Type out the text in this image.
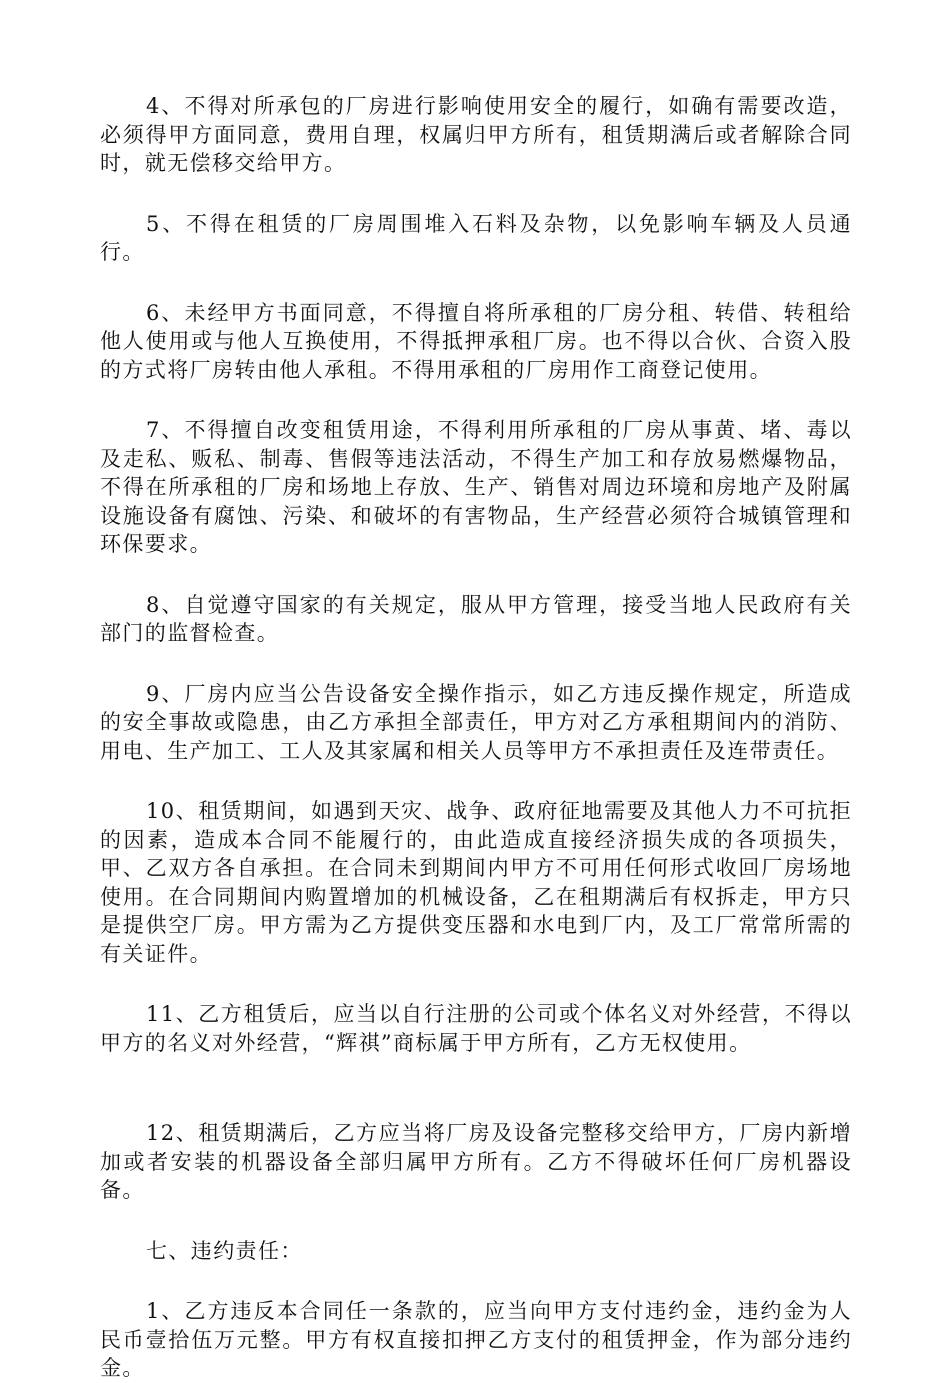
4、不得对所承包的厂房进行影响使用安全的履行，如确有需要改造，必须得甲方面同意，费用自理，权属归甲方所有，租赁期满后或者解除合同时，就无偿移交给甲方。

5、不得在租赁的厂房周围堆入石料及杂物，以免影响车辆及人员通行。

6、未经甲方书面同意，不得擅自将所承租的厂房分租、转借、转租给他人使用或与他人互换使用，不得抵押承租厂房。也不得以合伙、合资入股的方式将厂房转由他人承租。不得用承租的厂房用作工商登记使用。

7、不得擅自改变租赁用途，不得利用所承租的厂房从事黄、堵、毒以及走私、贩私、制毒、售假等违法活动，不得生产加工和存放易燃爆物品，不得在所承租的厂房和场地上存放、生产、销售对周边环境和房地产及附属设施设备有腐蚀、污染、和破坏的有害物品，生产经营必须符合城镇管理和环保要求。

8、自觉遵守国家的有关规定，服从甲方管理，接受当地人民政府有关部门的监督检查。

9、厂房内应当公告设备安全操作指示，如乙方违反操作规定，所造成的安全事故或隐患，由乙方承担全部责任，甲方对乙方承租期间内的消防、用电、生产加工、工人及其家属和相关人员等甲方不承担责任及连带责任。

10、租赁期间，如遇到天灾、战争、政府征地需要及其他人力不可抗拒的因素，造成本合同不能履行的，由此造成直接经济损失成的各项损失，甲、乙双方各自承担。在合同未到期间内甲方不可用任何形式收回厂房场地使用。在合同期间内购置增加的机械设备，乙在租期满后有权拆走，甲方只是提供空厂房。甲方需为乙方提供变压器和水电到厂内，及工厂常常所需的有关证件。

11、乙方租赁后，应当以自行注册的公司或个体名义对外经营，不得以甲方的名义对外经营，“辉祺”商标属于甲方所有，乙方无权使用。

12、租赁期满后，乙方应当将厂房及设备完整移交给甲方，厂房内新增加或者安装的机器设备全部归属甲方所有。乙方不得破坏任何厂房机器设备。

七、违约责任：

1、乙方违反本合同任一条款的，应当向甲方支付违约金，违约金为人民币壹拾伍万元整。甲方有权直接扣押乙方支付的租赁押金，作为部分违约金。
